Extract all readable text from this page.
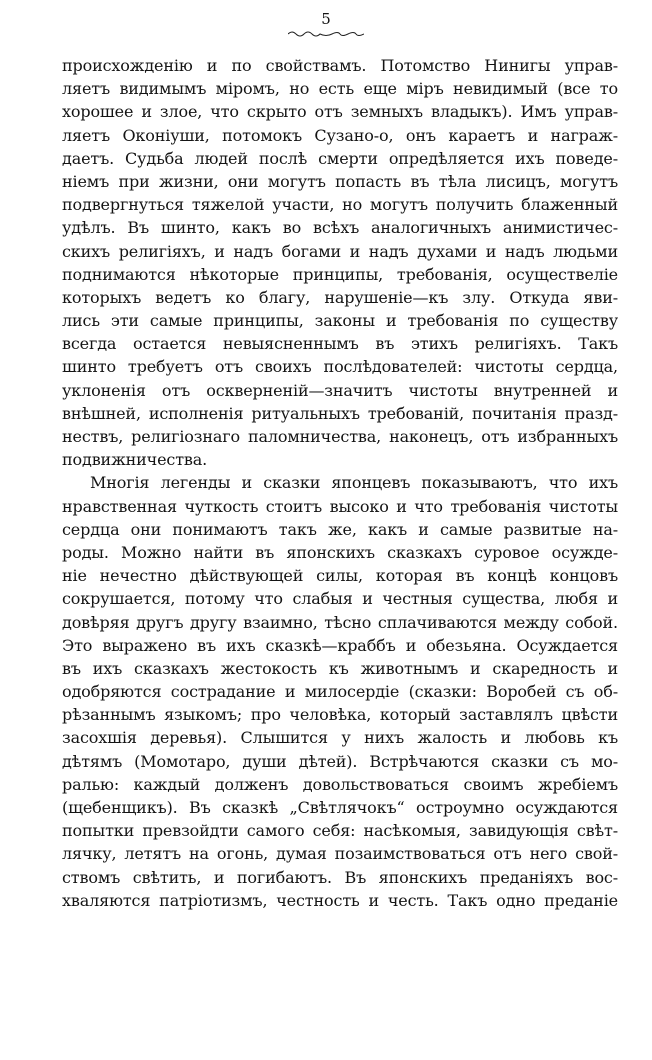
5
происхожденію и по свойствамъ. Потомство Нинигы управ-
ляетъ видимымъ міромъ, но есть еще міръ невидимый (все то
хорошее и злое, что скрыто отъ земныхъ владыкъ). Имъ управ-
ляетъ Оконіуши, потомокъ Сузано-о, онъ караетъ и награж-
даетъ. Судьба людей послѣ смерти опредѣляется ихъ поведе-
ніемъ при жизни, они могутъ попасть въ тѣла лисицъ, могутъ
подвергнуться тяжелой участи, но могутъ получить блаженный
удѣлъ. Въ шинто, какъ во всѣхъ аналогичныхъ анимистичес-
скихъ религіяхъ, и надъ богами и надъ духами и надъ людьми
поднимаются нѣкоторые принципы, требованія, осуществеліе
которыхъ ведетъ ко благу, нарушеніе—къ злу. Откуда яви-
лись эти самые принципы, законы и требованія по существу
всегда остается невыясненнымъ въ этихъ религіяхъ. Такъ
шинто требуетъ отъ своихъ послѣдователей: чистоты сердца,
уклоненія отъ оскверненій—значитъ чистоты внутренней и
внѣшней, исполненія ритуальныхъ требованій, почитанія празд-
нествъ, религіознаго паломничества, наконецъ, отъ избранныхъ
подвижничества.
Многія легенды и сказки японцевъ показываютъ, что ихъ
нравственная чуткость стоитъ высоко и что требованія чистоты
сердца они понимаютъ такъ же, какъ и самые развитые на-
роды. Можно найти въ японскихъ сказкахъ суровое осужде-
ніе нечестно дѣйствующей силы, которая въ концѣ концовъ
сокрушается, потому что слабыя и честныя существа, любя и
довѣряя другъ другу взаимно, тѣсно сплачиваются между собой.
Это выражено въ ихъ сказкѣ—краббъ и обезьяна. Осуждается
въ ихъ сказкахъ жестокость къ животнымъ и скаредность и
одобряются сострадание и милосердіе (сказки: Воробей съ об-
рѣзаннымъ языкомъ; про человѣка, который заставлялъ цвѣсти
засохшія деревья). Слышится у нихъ жалость и любовь къ
дѣтямъ (Момотаро, души дѣтей). Встрѣчаются сказки съ мо-
ралью: каждый долженъ довольствоваться своимъ жребіемъ
(щебенщикъ). Въ сказкѣ „Свѣтлячокъ“ остроумно осуждаются
попытки превзойдти самого себя: насѣкомыя, завидующія свѣт-
лячку, летятъ на огонь, думая позаимствоваться отъ него свой-
ствомъ свѣтить, и погибаютъ. Въ японскихъ преданіяхъ вос-
хваляются патріотизмъ, честность и честь. Такъ одно преданіе
